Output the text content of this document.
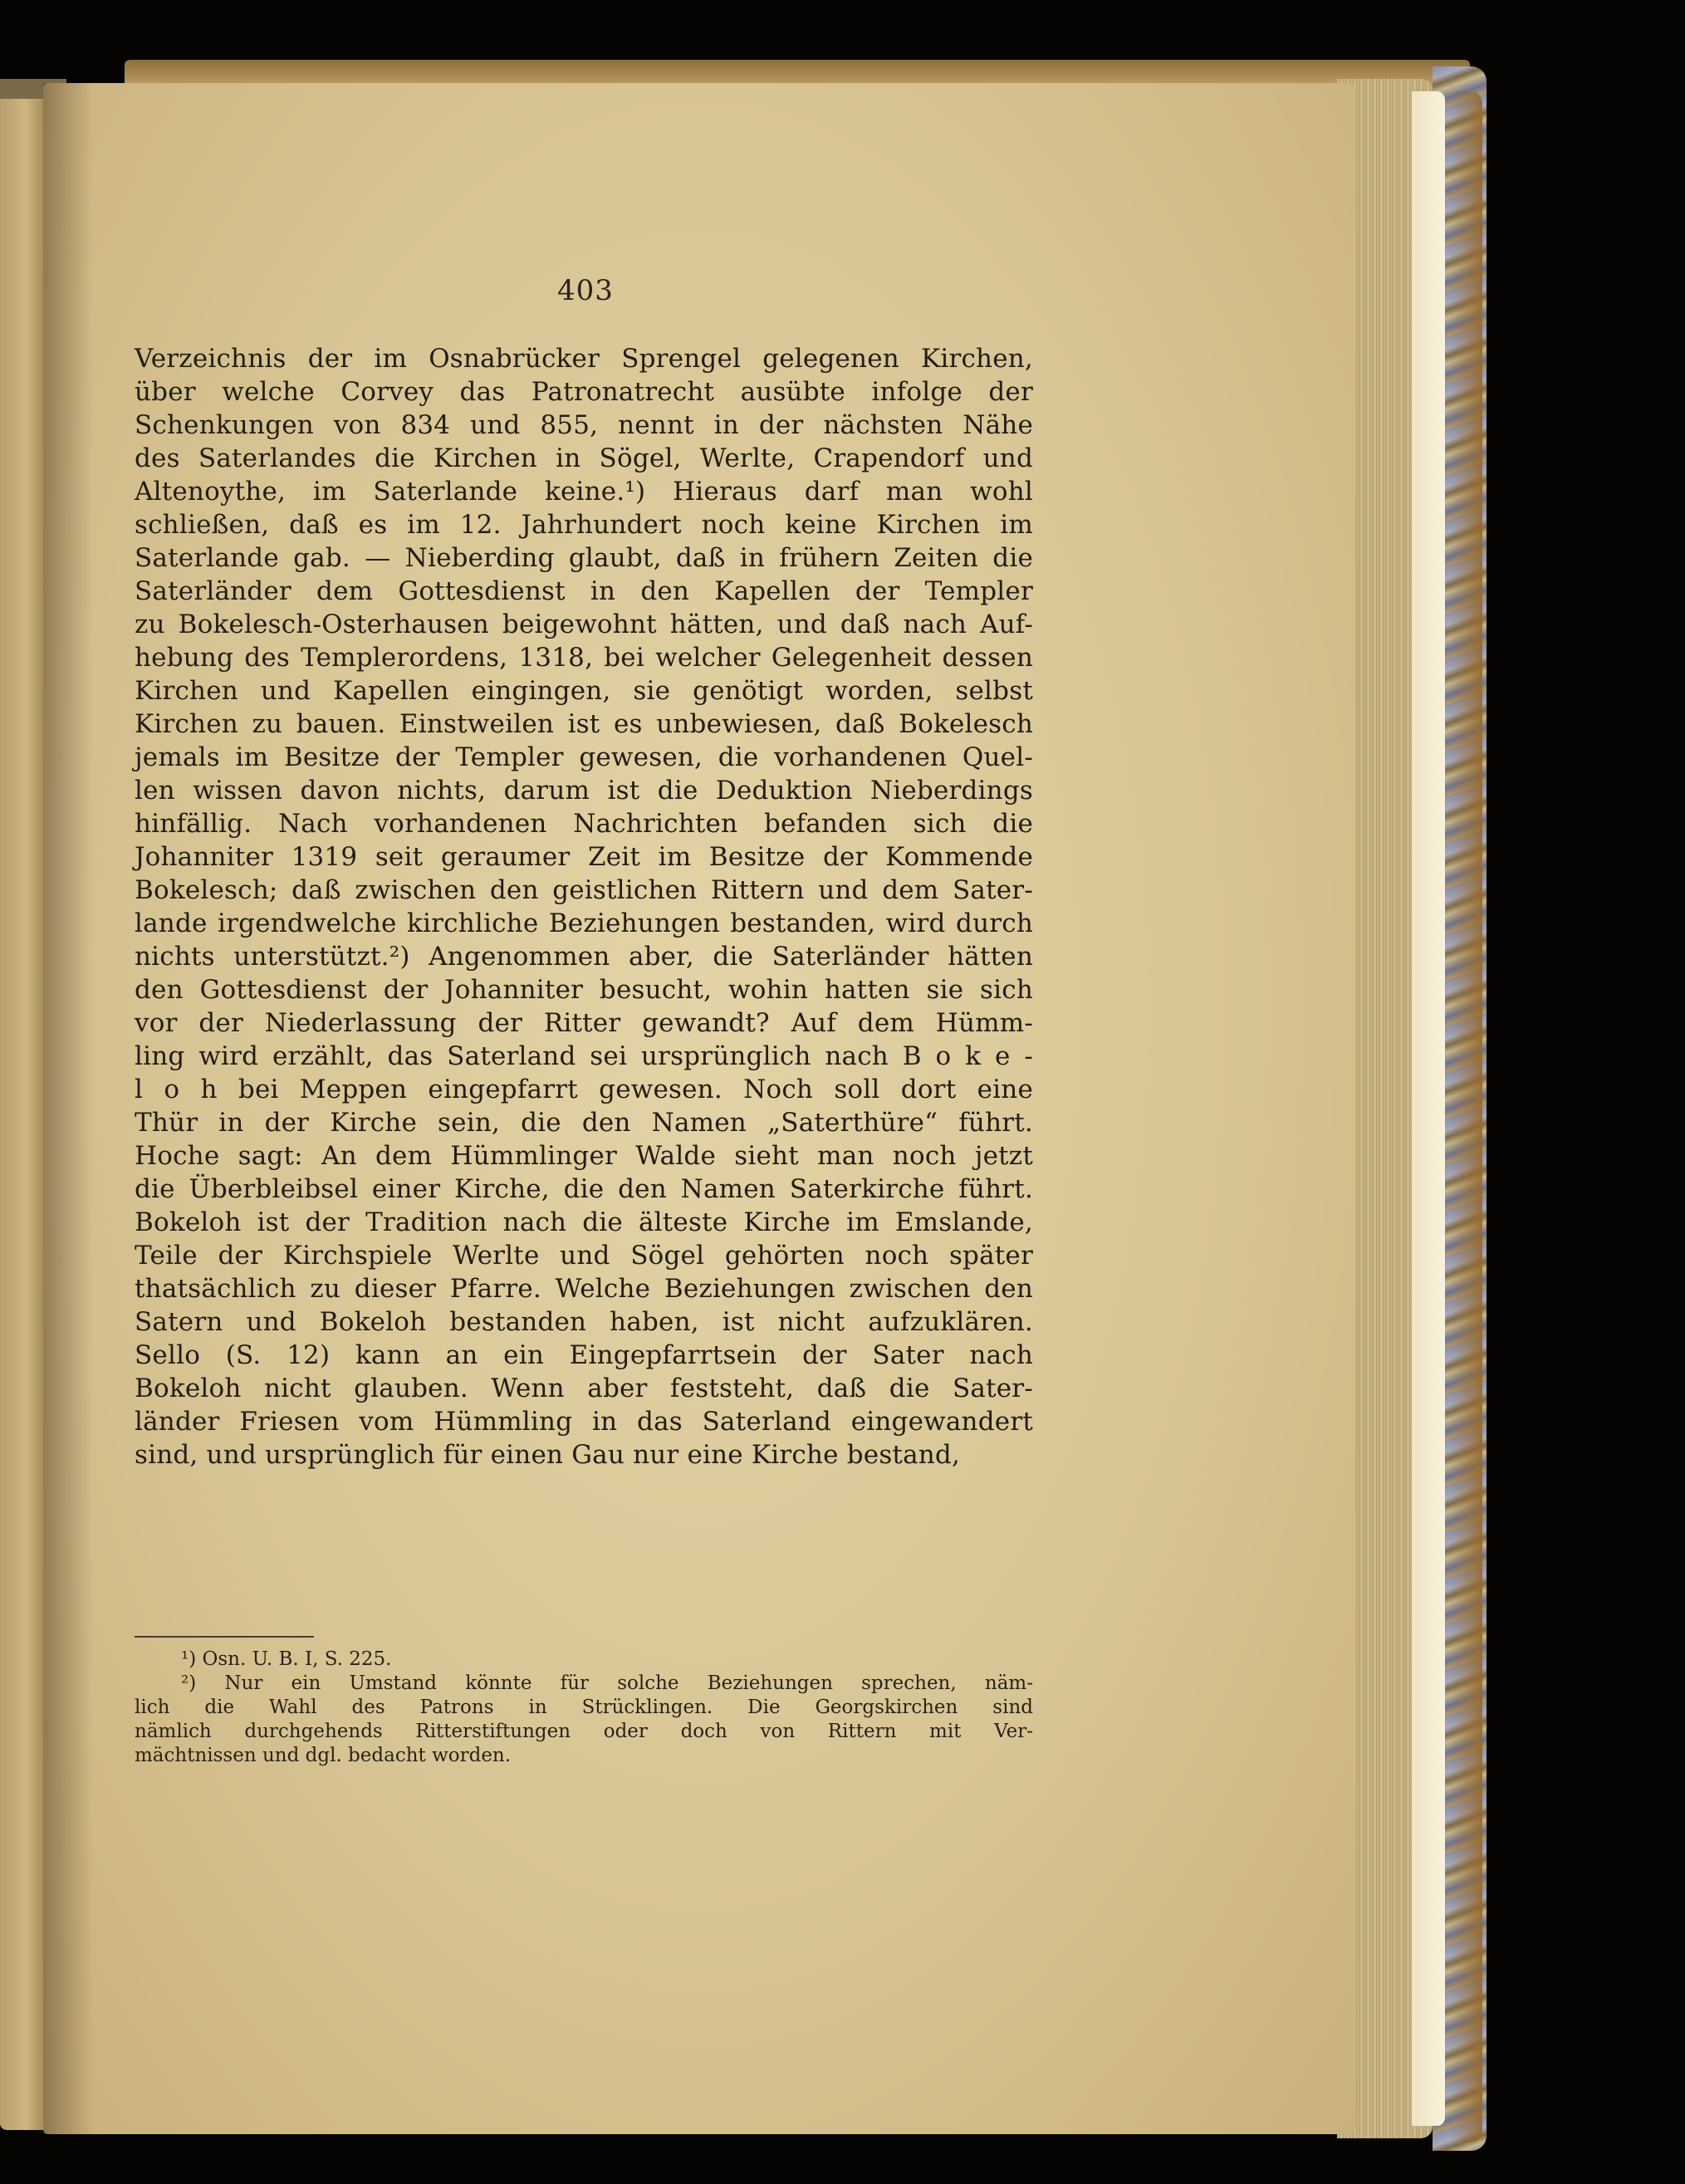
403
Verzeichnis der im Osnabrücker Sprengel gelegenen Kirchen,
über welche Corvey das Patronatrecht ausübte infolge der
Schenkungen von 834 und 855, nennt in der nächsten Nähe
des Saterlandes die Kirchen in Sögel, Werlte, Crapendorf und
Altenoythe, im Saterlande keine.¹) Hieraus darf man wohl
schließen, daß es im 12. Jahrhundert noch keine Kirchen im
Saterlande gab. — Nieberding glaubt, daß in frühern Zeiten die
Saterländer dem Gottesdienst in den Kapellen der Templer
zu Bokelesch-Osterhausen beigewohnt hätten, und daß nach Auf-
hebung des Templerordens, 1318, bei welcher Gelegenheit dessen
Kirchen und Kapellen eingingen, sie genötigt worden, selbst
Kirchen zu bauen. Einstweilen ist es unbewiesen, daß Bokelesch
jemals im Besitze der Templer gewesen, die vorhandenen Quel-
len wissen davon nichts, darum ist die Deduktion Nieberdings
hinfällig. Nach vorhandenen Nachrichten befanden sich die
Johanniter 1319 seit geraumer Zeit im Besitze der Kommende
Bokelesch; daß zwischen den geistlichen Rittern und dem Sater-
lande irgendwelche kirchliche Beziehungen bestanden, wird durch
nichts unterstützt.²) Angenommen aber, die Saterländer hätten
den Gottesdienst der Johanniter besucht, wohin hatten sie sich
vor der Niederlassung der Ritter gewandt? Auf dem Hümm-
ling wird erzählt, das Saterland sei ursprünglich nach B o k e -
l o h bei Meppen eingepfarrt gewesen. Noch soll dort eine
Thür in der Kirche sein, die den Namen „Saterthüre“ führt.
Hoche sagt: An dem Hümmlinger Walde sieht man noch jetzt
die Überbleibsel einer Kirche, die den Namen Saterkirche führt.
Bokeloh ist der Tradition nach die älteste Kirche im Emslande,
Teile der Kirchspiele Werlte und Sögel gehörten noch später
thatsächlich zu dieser Pfarre. Welche Beziehungen zwischen den
Satern und Bokeloh bestanden haben, ist nicht aufzuklären.
Sello (S. 12) kann an ein Eingepfarrtsein der Sater nach
Bokeloh nicht glauben. Wenn aber feststeht, daß die Sater-
länder Friesen vom Hümmling in das Saterland eingewandert
sind, und ursprünglich für einen Gau nur eine Kirche bestand,
¹) Osn. U. B. I, S. 225.
²) Nur ein Umstand könnte für solche Beziehungen sprechen, näm-
lich die Wahl des Patrons in Strücklingen. Die Georgskirchen sind
nämlich durchgehends Ritterstiftungen oder doch von Rittern mit Ver-
mächtnissen und dgl. bedacht worden.
